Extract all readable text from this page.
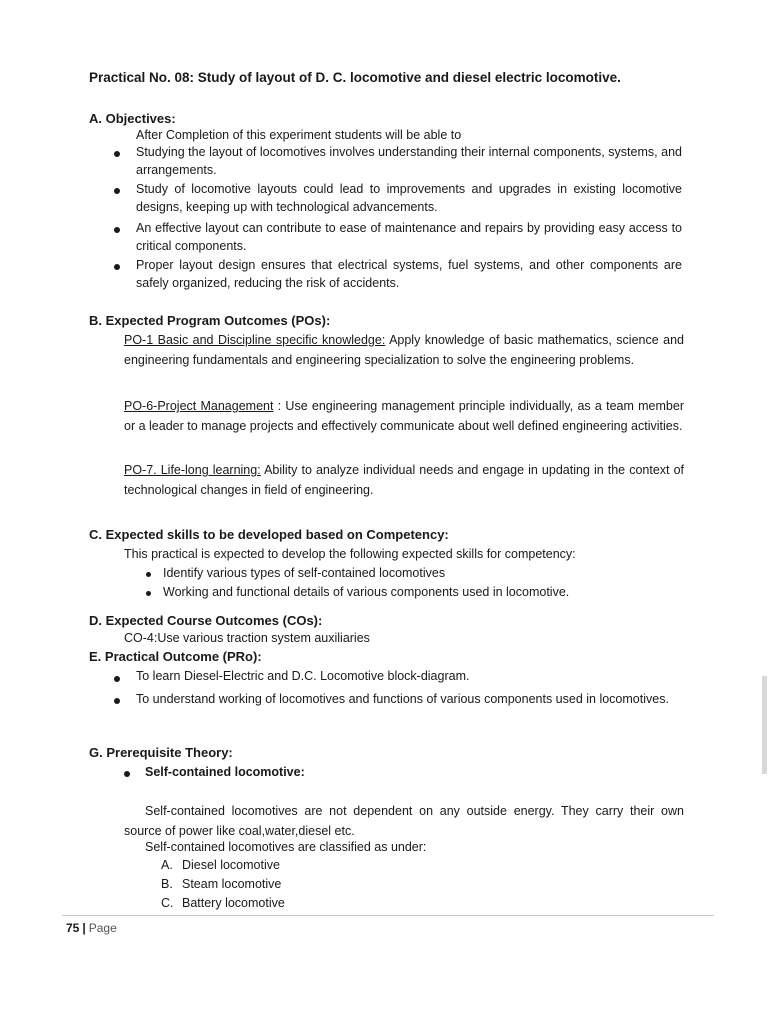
Practical No. 08: Study of layout of D. C. locomotive and diesel electric locomotive.
A. Objectives:
After Completion of this experiment students will be able to
Studying the layout of locomotives involves understanding their internal components, systems, and arrangements.
Study of locomotive layouts could lead to improvements and upgrades in existing locomotive designs, keeping up with technological advancements.
An effective layout can contribute to ease of maintenance and repairs by providing easy access to critical components.
Proper layout design ensures that electrical systems, fuel systems, and other components are safely organized, reducing the risk of accidents.
B. Expected Program Outcomes (POs):
PO-1 Basic and Discipline specific knowledge: Apply knowledge of basic mathematics, science and engineering fundamentals and engineering specialization to solve the engineering problems.
PO-6-Project Management : Use engineering management principle individually, as a team member or a leader to manage projects and effectively communicate about well defined engineering activities.
PO-7. Life-long learning: Ability to analyze individual needs and engage in updating in the context of technological changes in field of engineering.
C. Expected skills to be developed based on Competency:
This practical is expected to develop the following expected skills for competency:
Identify various types of self-contained locomotives
Working and functional details of various components used in locomotive.
D. Expected Course Outcomes (COs):
CO-4:Use various traction system auxiliaries
E. Practical Outcome (PRo):
To learn Diesel-Electric and D.C. Locomotive block-diagram.
To understand working of locomotives and functions of various components used in locomotives.
G. Prerequisite Theory:
Self-contained locomotive:
Self-contained locomotives are not dependent on any outside energy. They carry their own source of power like coal,water,diesel etc.
Self-contained locomotives are classified as under:
A. Diesel locomotive
B. Steam locomotive
C. Battery locomotive
75 | Page
